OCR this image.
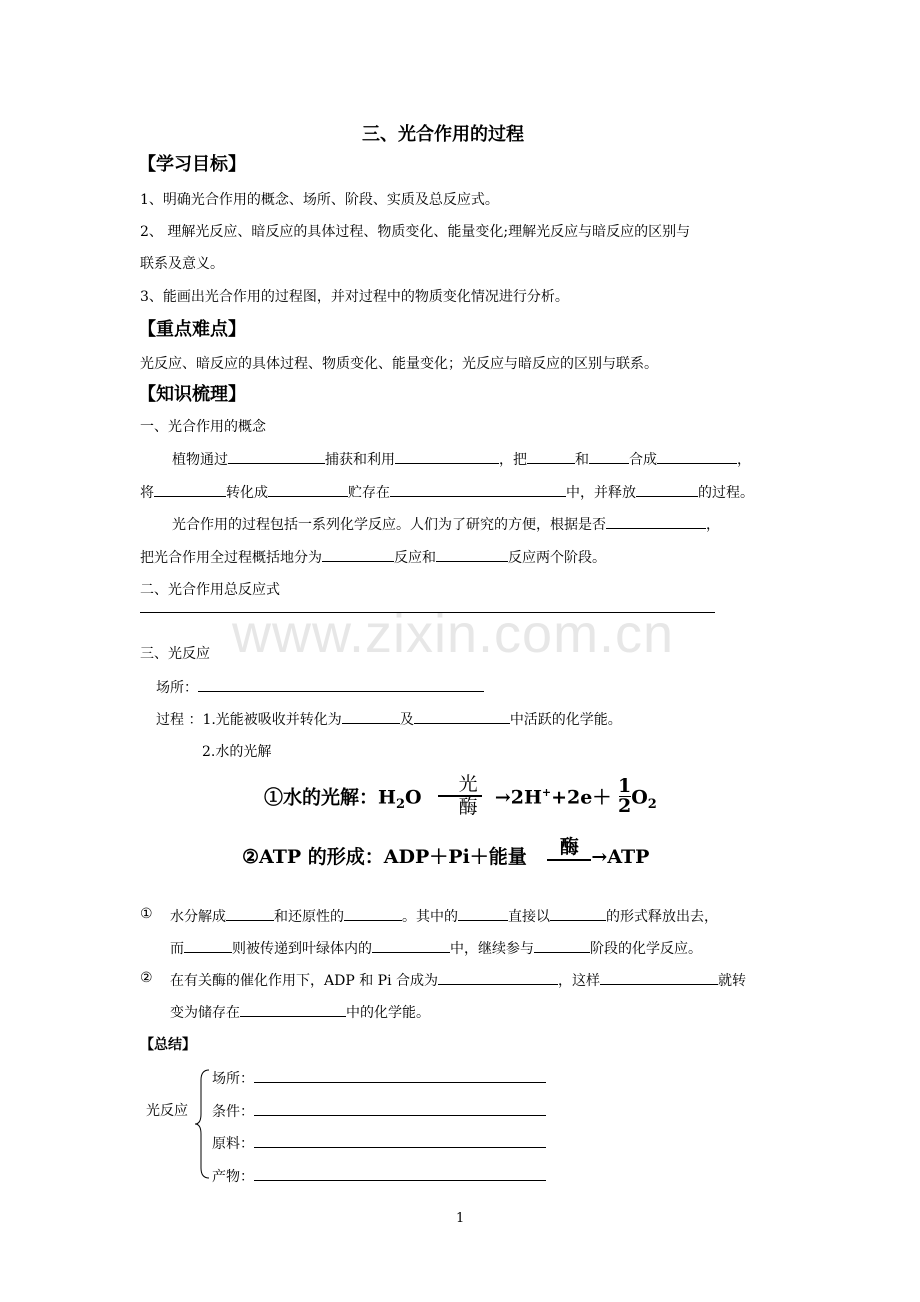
www.zixin.com.cn
三、光合作用的过程
【学习目标】
1、明确光合作用的概念、场所、阶段、实质及总反应式。
2、 理解光反应、暗反应的具体过程、物质变化、能量变化;理解光反应与暗反应的区别与
联系及意义。
3、能画出光合作用的过程图，并对过程中的物质变化情况进行分析。
【重点难点】
光反应、暗反应的具体过程、物质变化、能量变化；光反应与暗反应的区别与联系。
【知识梳理】
一、光合作用的概念
植物通过	捕获和利用	，把	和	合成	，
将	转化成	贮存在	中，并释放	的过程。
光合作用的过程包括一系列化学反应。人们为了研究的方便，根据是否	，
把光合作用全过程概括地分为	反应和	反应两个阶段。
二、光合作用总反应式
三、光反应
场所：
过程 ：1.光能被吸收并转化为	及	中活跃的化学能。
2.水的光解
①水的光解：$H_2O \frac{\text{光}}{\text{酶}} \to 2H^++2e+ \frac{1}{2} O_2$
②ATP 的形成：ADP＋Pi＋能量	酶 →ATP
① 水分解成	和还原性的	。其中的	直接以	的形式释放出去，
而	则被传递到叶绿体内的	中，继续参与	阶段的化学反应。
② 在有关酶的催化作用下，ADP 和 Pi 合成为	，这样	就转
变为储存在	中的化学能。
【总结】
光反应
场所：
条件：
原料：
产物：
1
